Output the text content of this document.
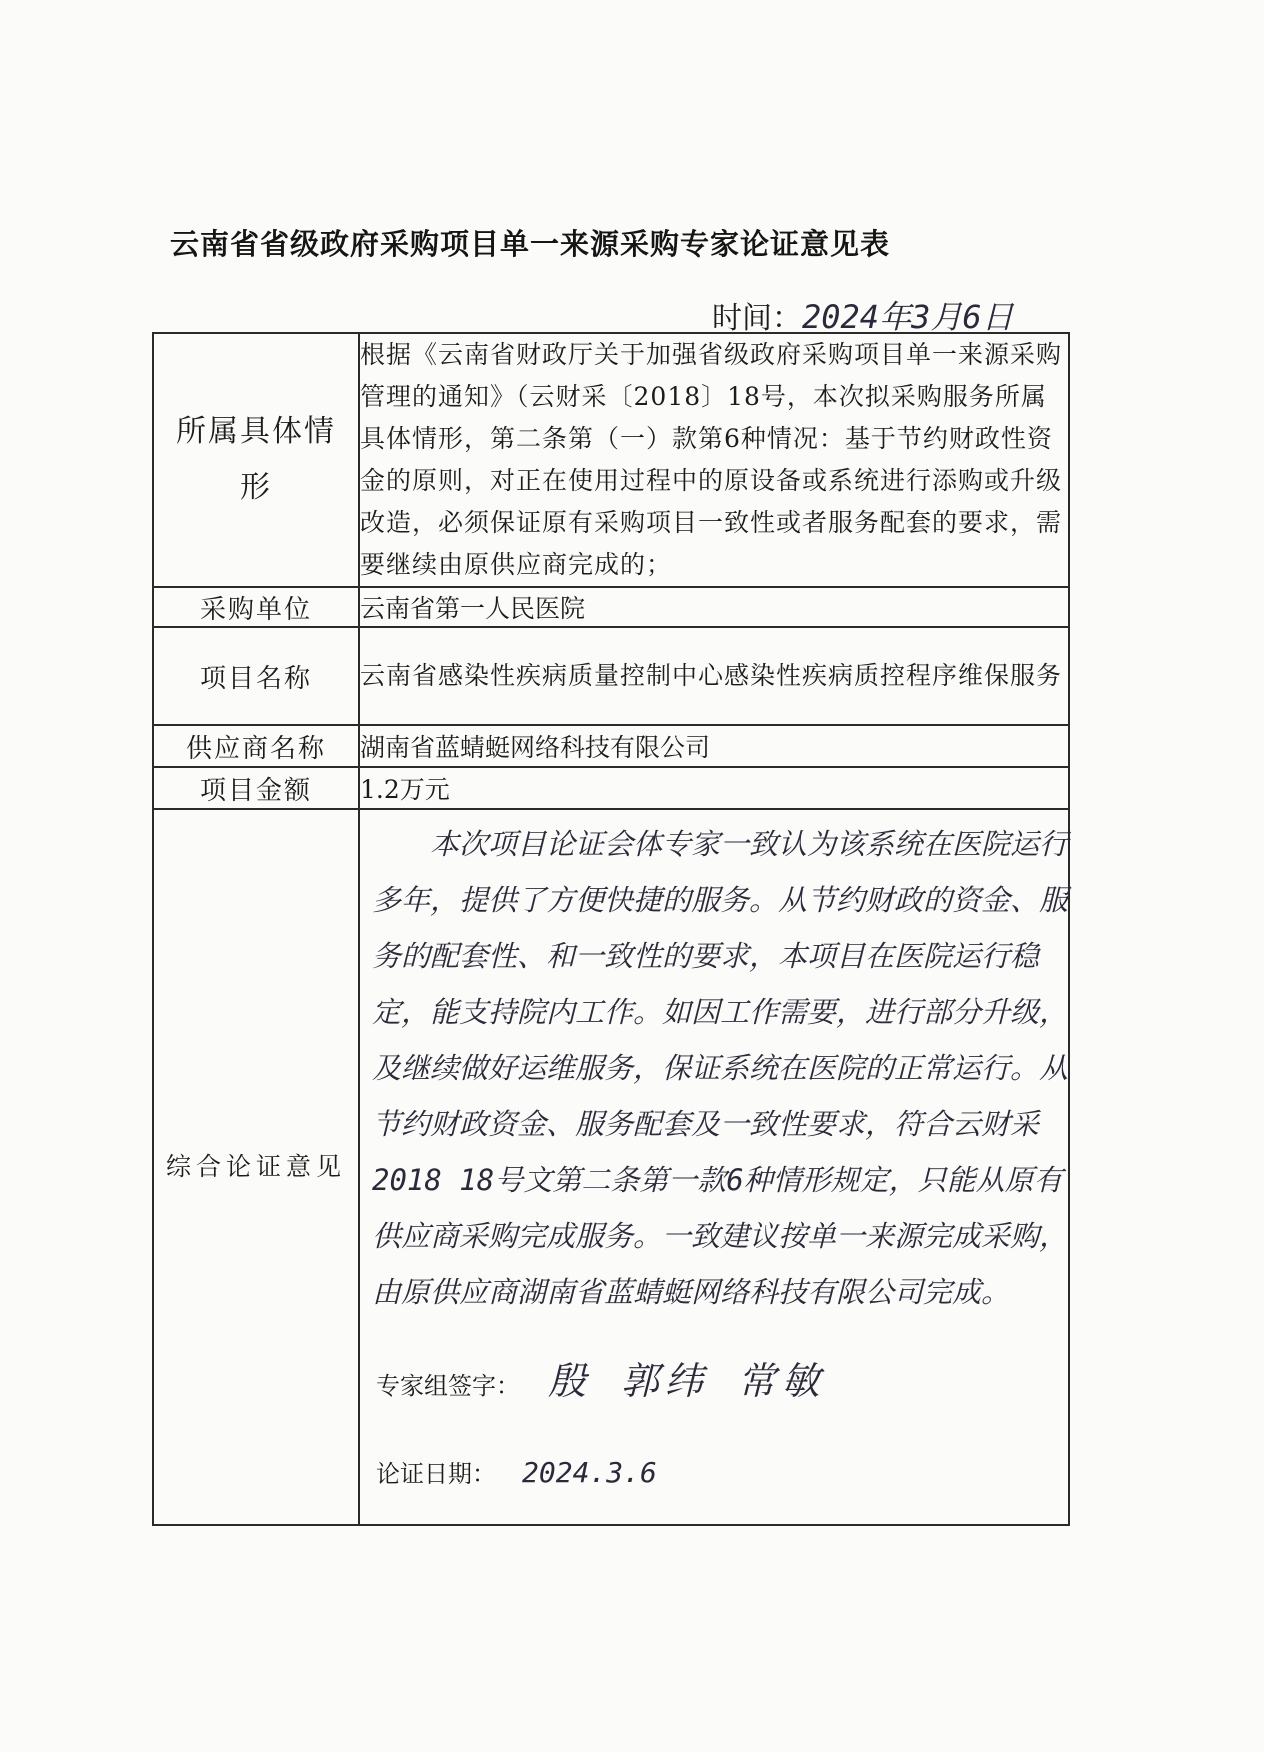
云南省省级政府采购项目单一来源采购专家论证意见表
时间：2024年3月6日
所属具体情形	根据《云南省财政厅关于加强省级政府采购项目单一来源采购管理的通知》（云财采〔2018〕18号，本次拟采购服务所属具体情形，第二条第（一）款第6种情况：基于节约财政性资金的原则，对正在使用过程中的原设备或系统进行添购或升级改造，必须保证原有采购项目一致性或者服务配套的要求，需要继续由原供应商完成的；
采购单位	云南省第一人民医院
项目名称	云南省感染性疾病质量控制中心感染性疾病质控程序维保服务
供应商名称	湖南省蓝蜻蜓网络科技有限公司
项目金额	1.2万元
综合论证意见	本次项目论证会体专家一致认为该系统在医院运行多年，提供了方便快捷的服务。从节约财政的资金、服务的配套性、和一致性的要求，本项目在医院运行稳定，能支持院内工作。如因工作需要，进行部分升级，及继续做好运维服务，保证系统在医院的正常运行。从节约财政资金、服务配套及一致性要求，符合云财采2018 18号文第二条第一款6种情形规定，只能从原有供应商采购完成服务。一致建议按单一来源完成采购，由原供应商湖南省蓝蜻蜓网络科技有限公司完成。

专家组签字： 殷 郭纬 常敏
论证日期： 2024.3.6
